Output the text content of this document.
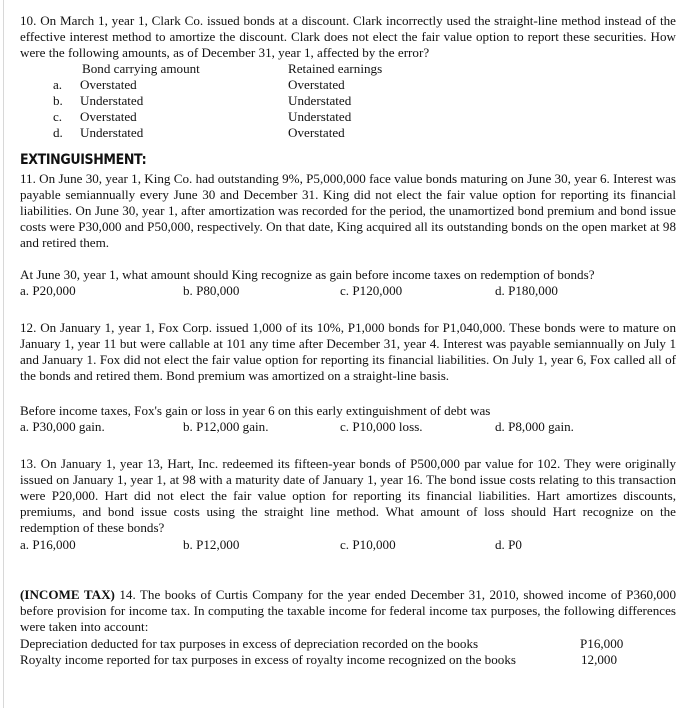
10. On March 1, year 1, Clark Co. issued bonds at a discount. Clark incorrectly used the straight-line method instead of the effective interest method to amortize the discount. Clark does not elect the fair value option to report these securities. How were the following amounts, as of December 31, year 1, affected by the error?

Bond carrying amount	Retained earnings
a. Overstated	Overstated
b. Understated	Understated
c. Overstated	Understated
d. Understated	Overstated

EXTINGUISHMENT:

11. On June 30, year 1, King Co. had outstanding 9%, P5,000,000 face value bonds maturing on June 30, year 6. Interest was payable semiannually every June 30 and December 31. King did not elect the fair value option for reporting its financial liabilities. On June 30, year 1, after amortization was recorded for the period, the unamortized bond premium and bond issue costs were P30,000 and P50,000, respectively. On that date, King acquired all its outstanding bonds on the open market at 98 and retired them.

At June 30, year 1, what amount should King recognize as gain before income taxes on redemption of bonds?

a. P20,000	b. P80,000	c. P120,000	d. P180,000

12. On January 1, year 1, Fox Corp. issued 1,000 of its 10%, P1,000 bonds for P1,040,000. These bonds were to mature on January 1, year 11 but were callable at 101 any time after December 31, year 4. Interest was payable semiannually on July 1 and January 1. Fox did not elect the fair value option for reporting its financial liabilities. On July 1, year 6, Fox called all of the bonds and retired them. Bond premium was amortized on a straight-line basis.

Before income taxes, Fox's gain or loss in year 6 on this early extinguishment of debt was

a. P30,000 gain.	b. P12,000 gain.	c. P10,000 loss.	d. P8,000 gain.

13. On January 1, year 13, Hart, Inc. redeemed its fifteen-year bonds of P500,000 par value for 102. They were originally issued on January 1, year 1, at 98 with a maturity date of January 1, year 16. The bond issue costs relating to this transaction were P20,000. Hart did not elect the fair value option for reporting its financial liabilities. Hart amortizes discounts, premiums, and bond issue costs using the straight line method. What amount of loss should Hart recognize on the redemption of these bonds?

a. P16,000	b. P12,000	c. P10,000	d. P0

(INCOME TAX) 14. The books of Curtis Company for the year ended December 31, 2010, showed income of P360,000 before provision for income tax. In computing the taxable income for federal income tax purposes, the following differences were taken into account:

Depreciation deducted for tax purposes in excess of depreciation recorded on the books	P16,000
Royalty income reported for tax purposes in excess of royalty income recognized on the books	12,000
